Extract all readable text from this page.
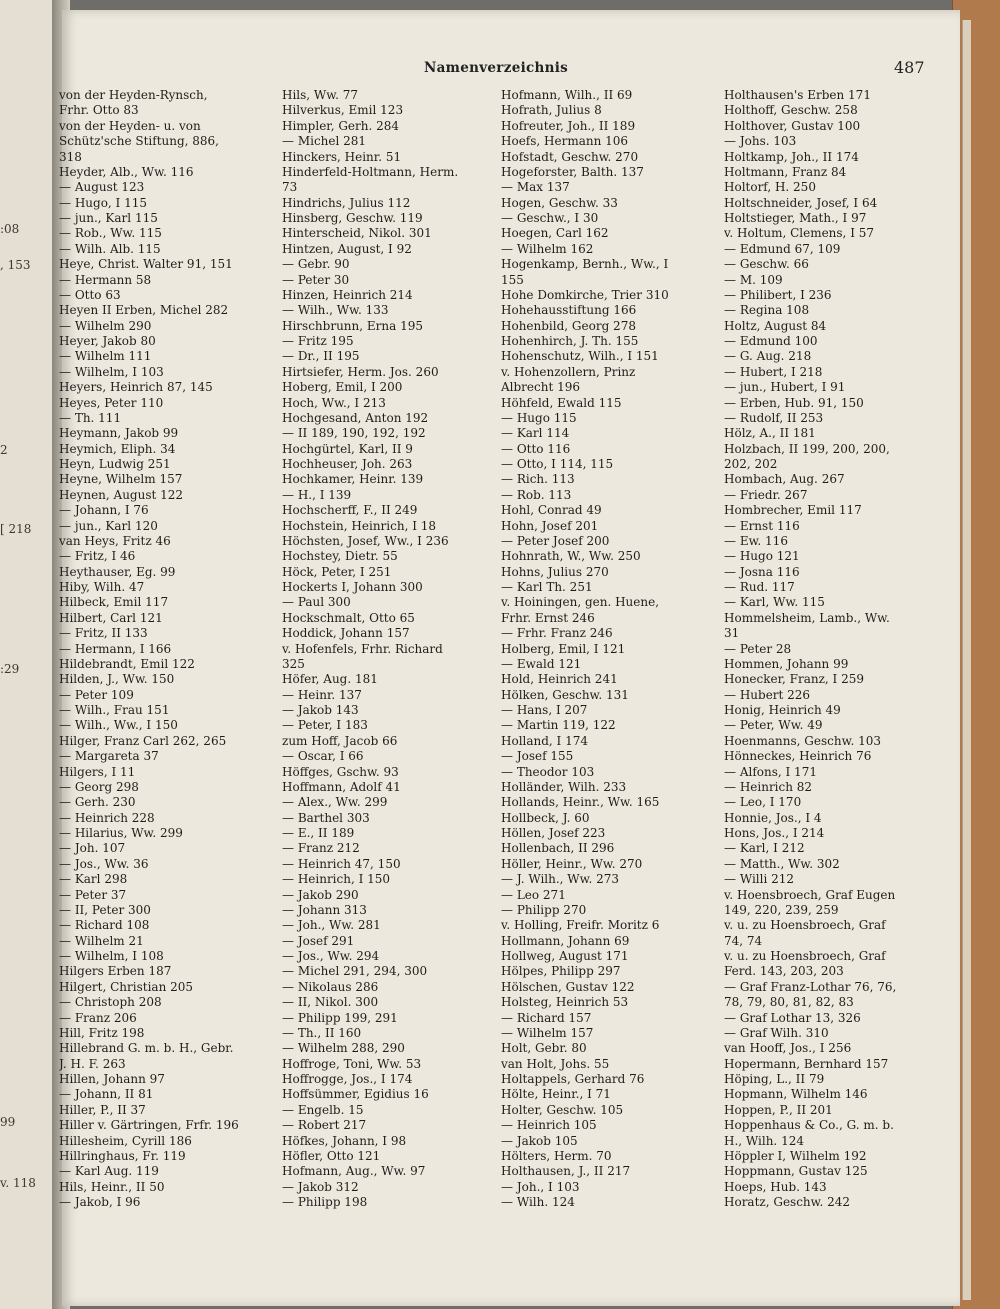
:08
, 153
2
[ 218
:29
99
v. 118
Namenverzeichnis	487
von der Heyden-Rynsch,
Frhr. Otto 83
von der Heyden- u. von
Schütz'sche Stiftung, 886,
318
Heyder, Alb., Ww. 116
— August 123
— Hugo, I 115
— jun., Karl 115
— Rob., Ww. 115
— Wilh. Alb. 115
Heye, Christ. Walter 91, 151
— Hermann 58
— Otto 63
Heyen II Erben, Michel 282
— Wilhelm 290
Heyer, Jakob 80
— Wilhelm 111
— Wilhelm, I 103
Heyers, Heinrich 87, 145
Heyes, Peter 110
— Th. 111
Heymann, Jakob 99
Heymich, Eliph. 34
Heyn, Ludwig 251
Heyne, Wilhelm 157
Heynen, August 122
— Johann, I 76
— jun., Karl 120
van Heys, Fritz 46
— Fritz, I 46
Heythauser, Eg. 99
Hiby, Wilh. 47
Hilbeck, Emil 117
Hilbert, Carl 121
— Fritz, II 133
— Hermann, I 166
Hildebrandt, Emil 122
Hilden, J., Ww. 150
— Peter 109
— Wilh., Frau 151
— Wilh., Ww., I 150
Hilger, Franz Carl 262, 265
— Margareta 37
Hilgers, I 11
— Georg 298
— Gerh. 230
— Heinrich 228
— Hilarius, Ww. 299
— Joh. 107
— Jos., Ww. 36
— Karl 298
— Peter 37
— II, Peter 300
— Richard 108
— Wilhelm 21
— Wilhelm, I 108
Hilgers Erben 187
Hilgert, Christian 205
— Christoph 208
— Franz 206
Hill, Fritz 198
Hillebrand G. m. b. H., Gebr.
J. H. F. 263
Hillen, Johann 97
— Johann, II 81
Hiller, P., II 37
Hiller v. Gärtringen, Frfr. 196
Hillesheim, Cyrill 186
Hillringhaus, Fr. 119
— Karl Aug. 119
Hils, Heinr., II 50
— Jakob, I 96
Hils, Ww. 77
Hilverkus, Emil 123
Himpler, Gerh. 284
— Michel 281
Hinckers, Heinr. 51
Hinderfeld-Holtmann, Herm.
73
Hindrichs, Julius 112
Hinsberg, Geschw. 119
Hinterscheid, Nikol. 301
Hintzen, August, I 92
— Gebr. 90
— Peter 30
Hinzen, Heinrich 214
— Wilh., Ww. 133
Hirschbrunn, Erna 195
— Fritz 195
— Dr., II 195
Hirtsiefer, Herm. Jos. 260
Hoberg, Emil, I 200
Hoch, Ww., I 213
Hochgesand, Anton 192
— II 189, 190, 192, 192
Hochgürtel, Karl, II 9
Hochheuser, Joh. 263
Hochkamer, Heinr. 139
— H., I 139
Hochscherff, F., II 249
Hochstein, Heinrich, I 18
Höchsten, Josef, Ww., I 236
Hochstey, Dietr. 55
Höck, Peter, I 251
Hockerts I, Johann 300
— Paul 300
Hockschmalt, Otto 65
Hoddick, Johann 157
v. Hofenfels, Frhr. Richard
325
Höfer, Aug. 181
— Heinr. 137
— Jakob 143
— Peter, I 183
zum Hoff, Jacob 66
— Oscar, I 66
Höffges, Gschw. 93
Hoffmann, Adolf 41
— Alex., Ww. 299
— Barthel 303
— E., II 189
— Franz 212
— Heinrich 47, 150
— Heinrich, I 150
— Jakob 290
— Johann 313
— Joh., Ww. 281
— Josef 291
— Jos., Ww. 294
— Michel 291, 294, 300
— Nikolaus 286
— II, Nikol. 300
— Philipp 199, 291
— Th., II 160
— Wilhelm 288, 290
Hoffroge, Toni, Ww. 53
Hoffrogge, Jos., I 174
Hoffsümmer, Egidius 16
— Engelb. 15
— Robert 217
Höfkes, Johann, I 98
Höfler, Otto 121
Hofmann, Aug., Ww. 97
— Jakob 312
— Philipp 198
Hofmann, Wilh., II 69
Hofrath, Julius 8
Hofreuter, Joh., II 189
Hoefs, Hermann 106
Hofstadt, Geschw. 270
Hogeforster, Balth. 137
— Max 137
Hogen, Geschw. 33
— Geschw., I 30
Hoegen, Carl 162
— Wilhelm 162
Hogenkamp, Bernh., Ww., I
155
Hohe Domkirche, Trier 310
Hohehausstiftung 166
Hohenbild, Georg 278
Hohenhirch, J. Th. 155
Hohenschutz, Wilh., I 151
v. Hohenzollern, Prinz
Albrecht 196
Höhfeld, Ewald 115
— Hugo 115
— Karl 114
— Otto 116
— Otto, I 114, 115
— Rich. 113
— Rob. 113
Hohl, Conrad 49
Hohn, Josef 201
— Peter Josef 200
Hohnrath, W., Ww. 250
Hohns, Julius 270
— Karl Th. 251
v. Hoiningen, gen. Huene,
Frhr. Ernst 246
— Frhr. Franz 246
Holberg, Emil, I 121
— Ewald 121
Hold, Heinrich 241
Hölken, Geschw. 131
— Hans, I 207
— Martin 119, 122
Holland, I 174
— Josef 155
— Theodor 103
Holländer, Wilh. 233
Hollands, Heinr., Ww. 165
Hollbeck, J. 60
Höllen, Josef 223
Hollenbach, II 296
Höller, Heinr., Ww. 270
— J. Wilh., Ww. 273
— Leo 271
— Philipp 270
v. Holling, Freifr. Moritz 6
Hollmann, Johann 69
Hollweg, August 171
Hölpes, Philipp 297
Hölschen, Gustav 122
Holsteg, Heinrich 53
— Richard 157
— Wilhelm 157
Holt, Gebr. 80
van Holt, Johs. 55
Holtappels, Gerhard 76
Hölte, Heinr., I 71
Holter, Geschw. 105
— Heinrich 105
— Jakob 105
Hölters, Herm. 70
Holthausen, J., II 217
— Joh., I 103
— Wilh. 124
Holthausen's Erben 171
Holthoff, Geschw. 258
Holthover, Gustav 100
— Johs. 103
Holtkamp, Joh., II 174
Holtmann, Franz 84
Holtorf, H. 250
Holtschneider, Josef, I 64
Holtstieger, Math., I 97
v. Holtum, Clemens, I 57
— Edmund 67, 109
— Geschw. 66
— M. 109
— Philibert, I 236
— Regina 108
Holtz, August 84
— Edmund 100
— G. Aug. 218
— Hubert, I 218
— jun., Hubert, I 91
— Erben, Hub. 91, 150
— Rudolf, II 253
Hölz, A., II 181
Holzbach, II 199, 200, 200,
202, 202
Hombach, Aug. 267
— Friedr. 267
Hombrecher, Emil 117
— Ernst 116
— Ew. 116
— Hugo 121
— Josna 116
— Rud. 117
— Karl, Ww. 115
Hommelsheim, Lamb., Ww.
31
— Peter 28
Hommen, Johann 99
Honecker, Franz, I 259
— Hubert 226
Honig, Heinrich 49
— Peter, Ww. 49
Hoenmanns, Geschw. 103
Hönneckes, Heinrich 76
— Alfons, I 171
— Heinrich 82
— Leo, I 170
Honnie, Jos., I 4
Hons, Jos., I 214
— Karl, I 212
— Matth., Ww. 302
— Willi 212
v. Hoensbroech, Graf Eugen
149, 220, 239, 259
v. u. zu Hoensbroech, Graf
74, 74
v. u. zu Hoensbroech, Graf
Ferd. 143, 203, 203
— Graf Franz-Lothar 76, 76,
78, 79, 80, 81, 82, 83
— Graf Lothar 13, 326
— Graf Wilh. 310
van Hooff, Jos., I 256
Hopermann, Bernhard 157
Höping, L., II 79
Hopmann, Wilhelm 146
Hoppen, P., II 201
Hoppenhaus & Co., G. m. b.
H., Wilh. 124
Höppler I, Wilhelm 192
Hoppmann, Gustav 125
Hoeps, Hub. 143
Horatz, Geschw. 242
